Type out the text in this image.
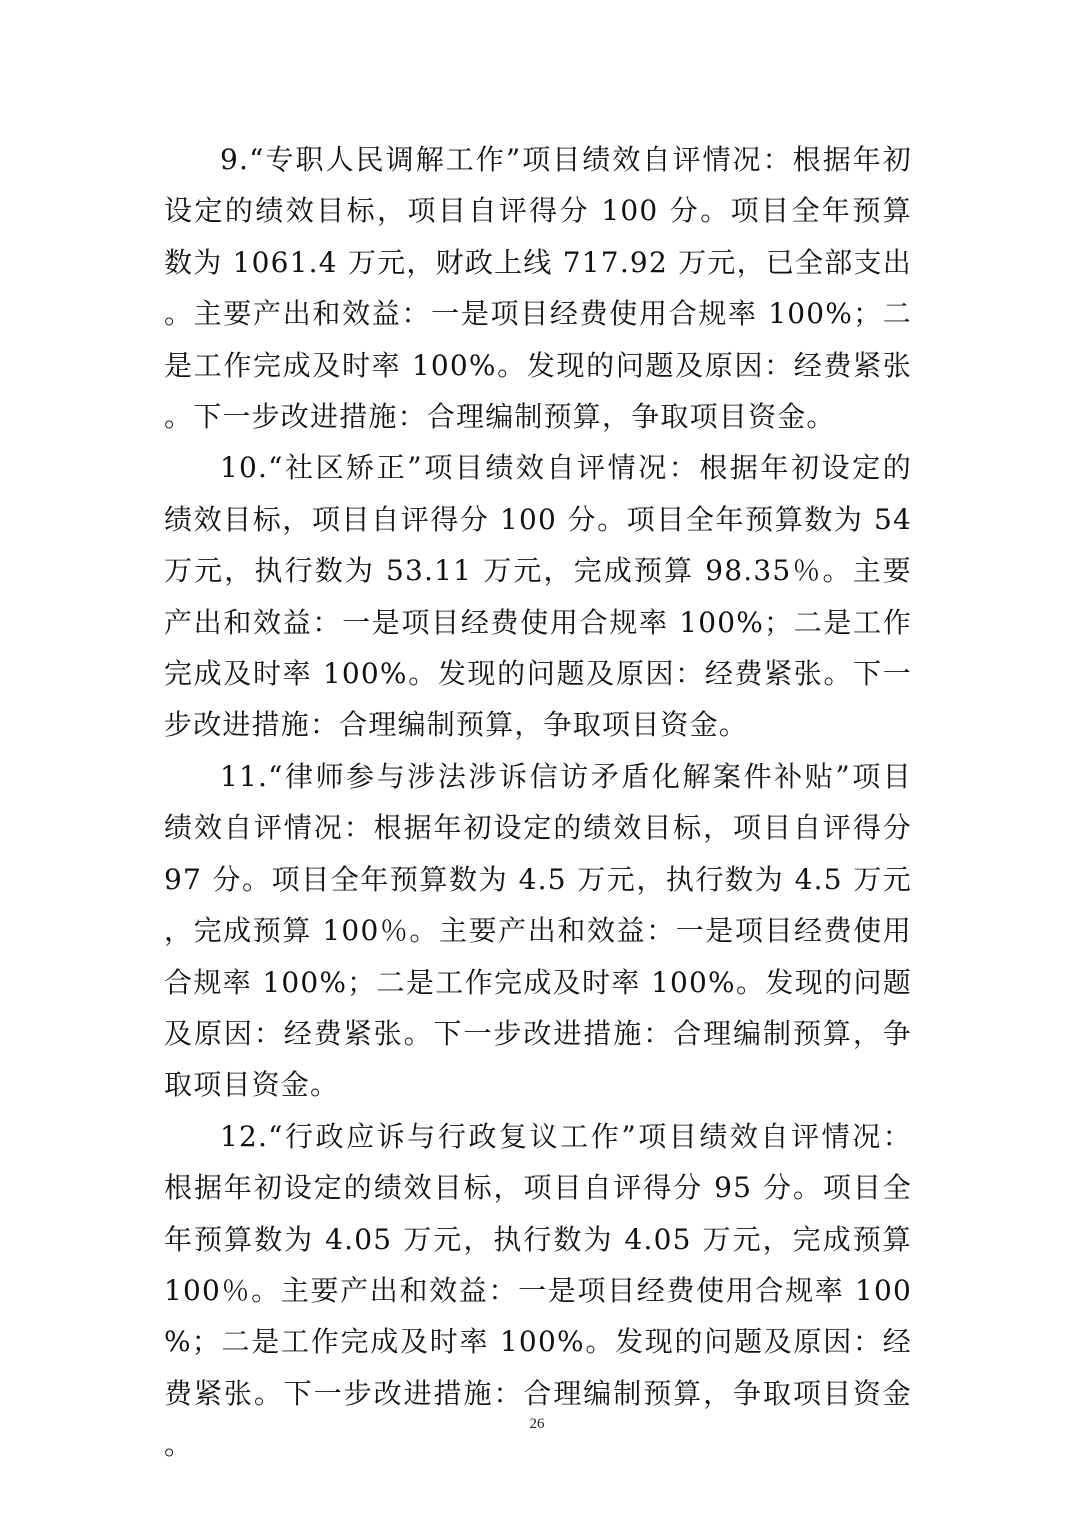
9.“专职人民调解工作”项目绩效自评情况：根据年初设定的绩效目标，项目自评得分 100 分。项目全年预算数为 1061.4 万元，财政上线 717.92 万元，已全部支出。主要产出和效益：一是项目经费使用合规率 100%；二是工作完成及时率 100%。发现的问题及原因：经费紧张。下一步改进措施：合理编制预算，争取项目资金。

10.“社区矫正”项目绩效自评情况：根据年初设定的绩效目标，项目自评得分 100 分。项目全年预算数为 54 万元，执行数为 53.11 万元，完成预算 98.35％。主要产出和效益：一是项目经费使用合规率 100%；二是工作完成及时率 100%。发现的问题及原因：经费紧张。下一步改进措施：合理编制预算，争取项目资金。

11.“律师参与涉法涉诉信访矛盾化解案件补贴”项目绩效自评情况：根据年初设定的绩效目标，项目自评得分 97 分。项目全年预算数为 4.5 万元，执行数为 4.5 万元，完成预算 100％。主要产出和效益：一是项目经费使用合规率 100%；二是工作完成及时率 100%。发现的问题及原因：经费紧张。下一步改进措施：合理编制预算，争取项目资金。

12.“行政应诉与行政复议工作”项目绩效自评情况：根据年初设定的绩效目标，项目自评得分 95 分。项目全年预算数为 4.05 万元，执行数为 4.05 万元，完成预算 100％。主要产出和效益：一是项目经费使用合规率 100%；二是工作完成及时率 100%。发现的问题及原因：经费紧张。下一步改进措施：合理编制预算，争取项目资金。

26
